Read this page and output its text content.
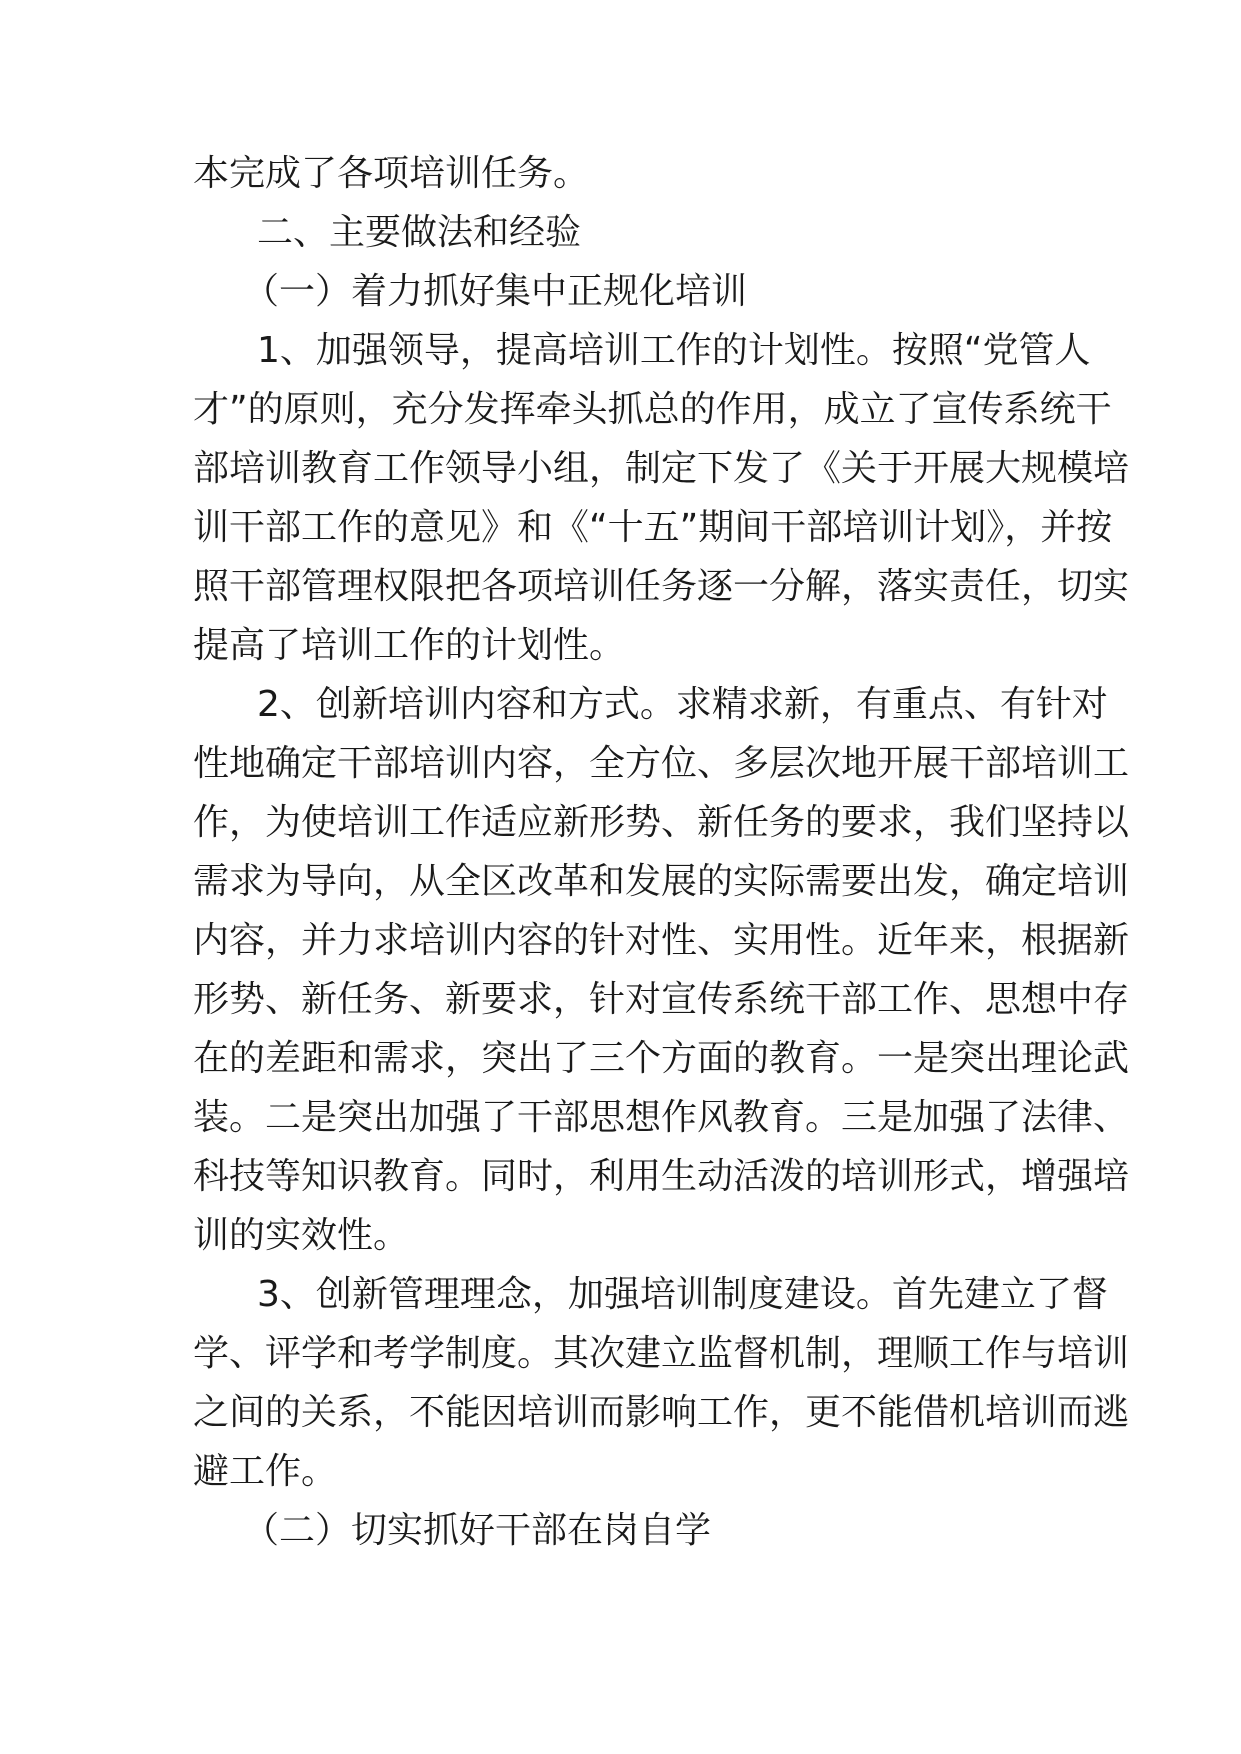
本完成了各项培训任务。
二、主要做法和经验
（一）着力抓好集中正规化培训
1、加强领导，提高培训工作的计划性。按照“党管人
才”的原则，充分发挥牵头抓总的作用，成立了宣传系统干
部培训教育工作领导小组，制定下发了《关于开展大规模培
训干部工作的意见》和《“十五”期间干部培训计划》，并按
照干部管理权限把各项培训任务逐一分解，落实责任，切实
提高了培训工作的计划性。
2、创新培训内容和方式。求精求新，有重点、有针对
性地确定干部培训内容，全方位、多层次地开展干部培训工
作，为使培训工作适应新形势、新任务的要求，我们坚持以
需求为导向，从全区改革和发展的实际需要出发，确定培训
内容，并力求培训内容的针对性、实用性。近年来，根据新
形势、新任务、新要求，针对宣传系统干部工作、思想中存
在的差距和需求，突出了三个方面的教育。一是突出理论武
装。二是突出加强了干部思想作风教育。三是加强了法律、
科技等知识教育。同时，利用生动活泼的培训形式，增强培
训的实效性。
3、创新管理理念，加强培训制度建设。首先建立了督
学、评学和考学制度。其次建立监督机制，理顺工作与培训
之间的关系，不能因培训而影响工作，更不能借机培训而逃
避工作。
（二）切实抓好干部在岗自学
